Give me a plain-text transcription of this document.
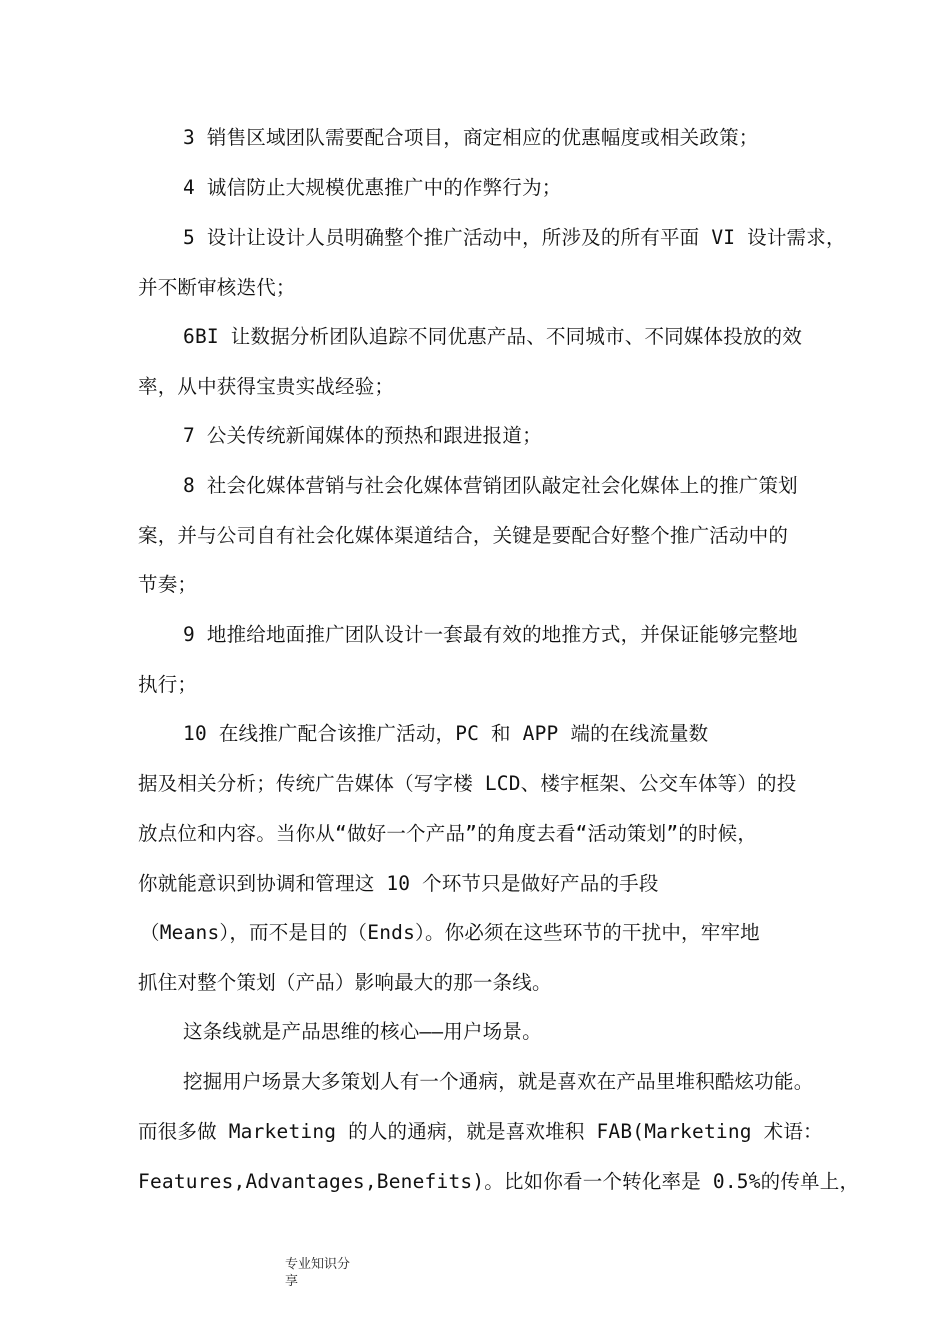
3 销售区域团队需要配合项目，商定相应的优惠幅度或相关政策；
4 诚信防止大规模优惠推广中的作弊行为；
5 设计让设计人员明确整个推广活动中，所涉及的所有平面 VI 设计需求，
并不断审核迭代；
6BI 让数据分析团队追踪不同优惠产品、不同城市、不同媒体投放的效
率，从中获得宝贵实战经验；
7 公关传统新闻媒体的预热和跟进报道；
8 社会化媒体营销与社会化媒体营销团队敲定社会化媒体上的推广策划
案，并与公司自有社会化媒体渠道结合，关键是要配合好整个推广活动中的
节奏；
9 地推给地面推广团队设计一套最有效的地推方式，并保证能够完整地
执行；
10 在线推广配合该推广活动，PC 和 APP 端的在线流量数
据及相关分析；传统广告媒体（写字楼 LCD、楼宇框架、公交车体等）的投
放点位和内容。当你从“做好一个产品”的角度去看“活动策划”的时候，
你就能意识到协调和管理这 10 个环节只是做好产品的手段
（Means），而不是目的（Ends）。你必须在这些环节的干扰中，牢牢地
抓住对整个策划（产品）影响最大的那一条线。
这条线就是产品思维的核心——用户场景。
挖掘用户场景大多策划人有一个通病，就是喜欢在产品里堆积酷炫功能。
而很多做 Marketing 的人的通病，就是喜欢堆积 FAB(Marketing 术语：
Features,Advantages,Benefits)。比如你看一个转化率是 0.5%的传单上，
专业知识分
享
